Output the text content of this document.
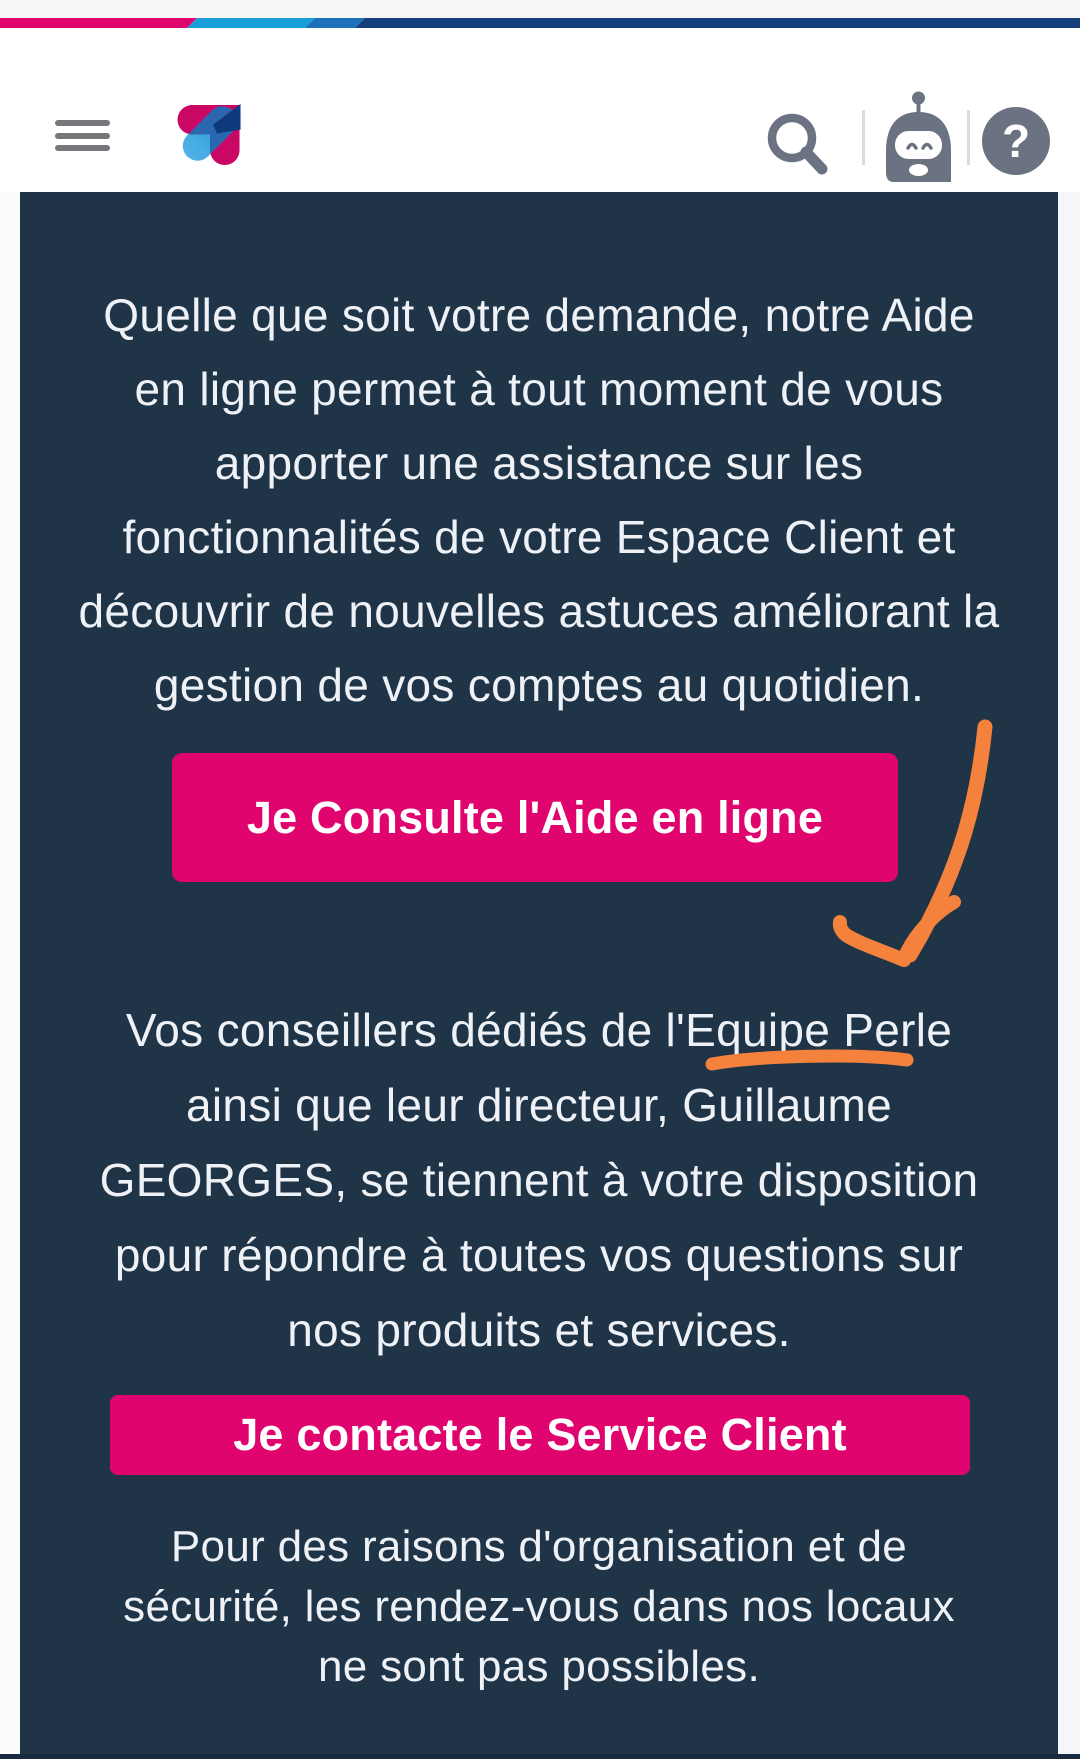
?
Quelle que soit votre demande, notre Aide
en ligne permet à tout moment de vous
apporter une assistance sur les
fonctionnalités de votre Espace Client et
découvrir de nouvelles astuces améliorant la
gestion de vos comptes au quotidien.
Je Consulte l'Aide en ligne
Vos conseillers dédiés de l'Equipe Perle
ainsi que leur directeur, Guillaume
GEORGES, se tiennent à votre disposition
pour répondre à toutes vos questions sur
nos produits et services.
Je contacte le Service Client
Pour des raisons d'organisation et de
sécurité, les rendez-vous dans nos locaux
ne sont pas possibles.
